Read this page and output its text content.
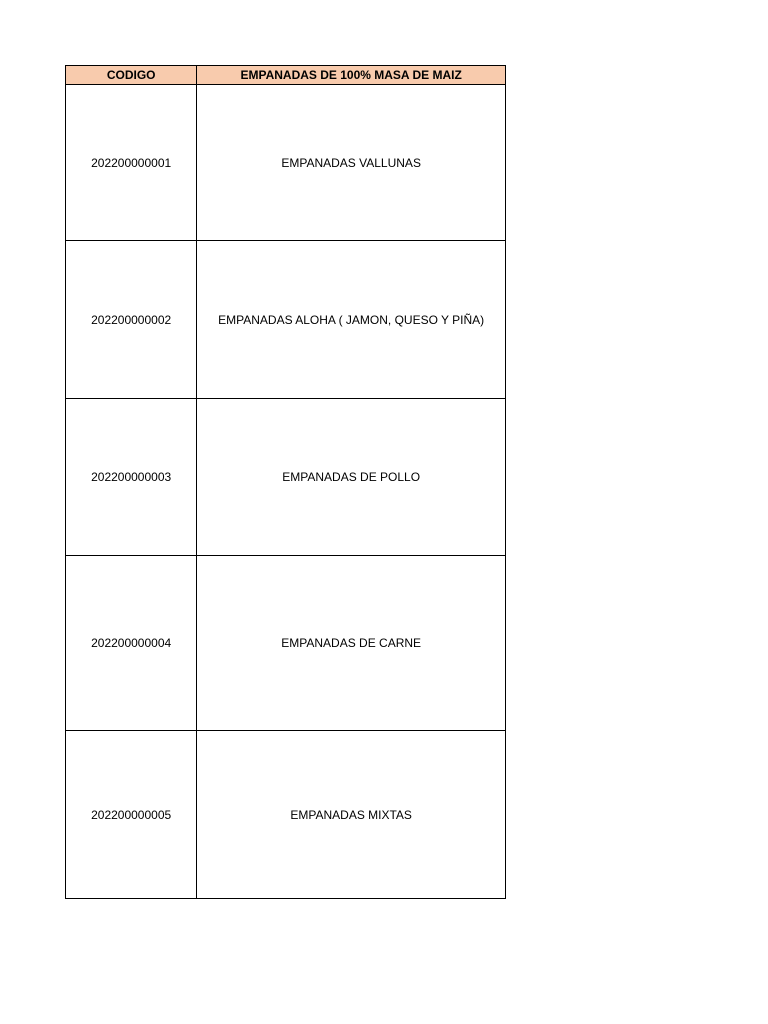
CODIGO	EMPANADAS DE 100% MASA DE MAIZ
202200000001	EMPANADAS VALLUNAS
202200000002	EMPANADAS ALOHA ( JAMON, QUESO Y PIÑA)
202200000003	EMPANADAS DE POLLO
202200000004	EMPANADAS DE CARNE
202200000005	EMPANADAS MIXTAS
